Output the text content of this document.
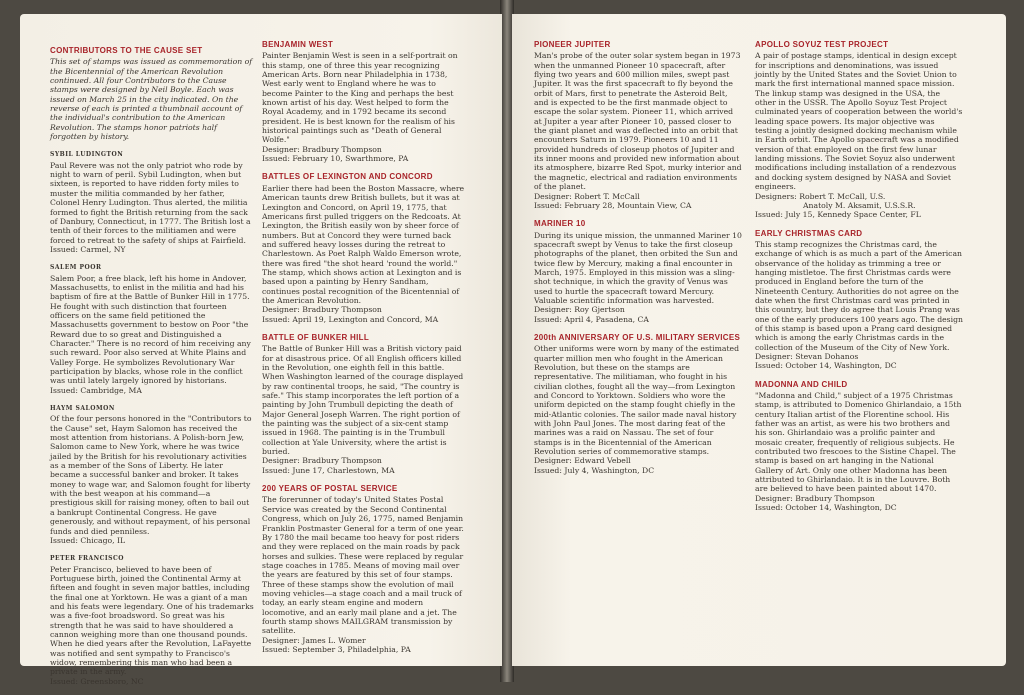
CONTRIBUTORS TO THE CAUSE SET

This set of stamps was issued as commemoration of the Bicentennial of the American Revolution continued. All four Contributors to the Cause stamps were designed by Neil Boyle. Each was issued on March 25 in the city indicated. On the reverse of each is printed a thumbnail account of the individual's contribution to the American Revolution. The stamps honor patriots half forgotten by history.

SYBIL LUDINGTON

Paul Revere was not the only patriot who rode by night to warn of peril. Sybil Ludington, when but sixteen, is reported to have ridden forty miles to muster the militia commanded by her father, Colonel Henry Ludington. Thus alerted, the militia formed to fight the British returning from the sack of Danbury, Connecticut, in 1777. The British lost a tenth of their forces to the militiamen and were forced to retreat to the safety of ships at Fairfield.

Issued: Carmel, NY
SALEM POOR

Salem Poor, a free black, left his home in Andover, Massachusetts, to enlist in the militia and had his baptism of fire at the Battle of Bunker Hill in 1775. He fought with such distinction that fourteen officers on the same field petitioned the Massachusetts government to bestow on Poor "the Reward due to so great and Distinguished a Character." There is no record of him receiving any such reward. Poor also served at White Plains and Valley Forge. He symbolizes Revolutionary War participation by blacks, whose role in the conflict was until lately largely ignored by historians.

Issued: Cambridge, MA
HAYM SALOMON

Of the four persons honored in the "Contributors to the Cause" set, Haym Salomon has received the most attention from historians. A Polish-born Jew, Salomon came to New York, where he was twice jailed by the British for his revolutionary activities as a member of the Sons of Liberty. He later became a successful banker and broker. It takes money to wage war, and Salomon fought for liberty with the best weapon at his command—a prestigious skill for raising money, often to bail out a bankrupt Continental Congress. He gave generously, and without repayment, of his personal funds and died penniless.

Issued: Chicago, IL
PETER FRANCISCO

Peter Francisco, believed to have been of Portuguese birth, joined the Continental Army at fifteen and fought in seven major battles, including the final one at Yorktown. He was a giant of a man and his feats were legendary. One of his trademarks was a five-foot broadsword. So great was his strength that he was said to have shouldered a cannon weighing more than one thousand pounds. When he died years after the Revolution, LaFayette was notified and sent sympathy to Francisco's widow, remembering this man who had been a private in the army.

Issued: Greensboro, NC
BENJAMIN WEST

Painter Benjamin West is seen in a self-portrait on this stamp, one of three this year recognizing American Arts. Born near Philadelphia in 1738, West early went to England where he was to become Painter to the King and perhaps the best known artist of his day. West helped to form the Royal Academy, and in 1792 became its second president. He is best known for the realism of his historical paintings such as "Death of General Wolfe."

Designer: Bradbury Thompson
Issued: February 10, Swarthmore, PA
BATTLES OF LEXINGTON AND CONCORD

Earlier there had been the Boston Massacre, where American taunts drew British bullets, but it was at Lexington and Concord, on April 19, 1775, that Americans first pulled triggers on the Redcoats. At Lexington, the British easily won by sheer force of numbers. But at Concord they were turned back and suffered heavy losses during the retreat to Charlestown. As Poet Ralph Waldo Emerson wrote, there was fired "the shot heard 'round the world." The stamp, which shows action at Lexington and is based upon a painting by Henry Sandham, continues postal recognition of the Bicentennial of the American Revolution.

Designer: Bradbury Thompson
Issued: April 19, Lexington and Concord, MA
BATTLE OF BUNKER HILL

The Battle of Bunker Hill was a British victory paid for at disastrous price. Of all English officers killed in the Revolution, one eighth fell in this battle. When Washington learned of the courage displayed by raw continental troops, he said, "The country is safe." This stamp incorporates the left portion of a painting by John Trumbull depicting the death of Major General Joseph Warren. The right portion of the painting was the subject of a six-cent stamp issued in 1968. The painting is in the Trumbull collection at Yale University, where the artist is buried.

Designer: Bradbury Thompson
Issued: June 17, Charlestown, MA
200 YEARS OF POSTAL SERVICE

The forerunner of today's United States Postal Service was created by the Second Continental Congress, which on July 26, 1775, named Benjamin Franklin Postmaster General for a term of one year. By 1780 the mail became too heavy for post riders and they were replaced on the main roads by pack horses and sulkies. These were replaced by regular stage coaches in 1785. Means of moving mail over the years are featured by this set of four stamps. Three of these stamps show the evolution of mail moving vehicles—a stage coach and a mail truck of today, an early steam engine and modern locomotive, and an early mail plane and a jet. The fourth stamp shows MAILGRAM transmission by satellite.

Designer: James L. Womer
Issued: September 3, Philadelphia, PA
PIONEER JUPITER

Man's probe of the outer solar system began in 1973 when the unmanned Pioneer 10 spacecraft, after flying two years and 600 million miles, swept past Jupiter. It was the first spacecraft to fly beyond the orbit of Mars, first to penetrate the Asteroid Belt, and is expected to be the first manmade object to escape the solar system. Pioneer 11, which arrived at Jupiter a year after Pioneer 10, passed closer to the giant planet and was deflected into an orbit that encounters Saturn in 1979. Pioneers 10 and 11 provided hundreds of closeup photos of Jupiter and its inner moons and provided new information about its atmosphere, bizarre Red Spot, murky interior and the magnetic, electrical and radiation environments of the planet.

Designer: Robert T. McCall
Issued: February 28, Mountain View, CA
MARINER 10

During its unique mission, the unmanned Mariner 10 spacecraft swept by Venus to take the first closeup photographs of the planet, then orbited the Sun and twice flew by Mercury, making a final encounter in March, 1975. Employed in this mission was a sling-shot technique, in which the gravity of Venus was used to hurtle the spacecraft toward Mercury. Valuable scientific information was harvested.

Designer: Roy Gjertson
Issued: April 4, Pasadena, CA
200th ANNIVERSARY OF U.S. MILITARY SERVICES

Other uniforms were worn by many of the estimated quarter million men who fought in the American Revolution, but these on the stamps are representative. The militiaman, who fought in his civilian clothes, fought all the way—from Lexington and Concord to Yorktown. Soldiers who wore the uniform depicted on the stamp fought chiefly in the mid-Atlantic colonies. The sailor made naval history with John Paul Jones. The most daring feat of the marines was a raid on Nassau. The set of four stamps is in the Bicentennial of the American Revolution series of commemorative stamps.

Designer: Edward Vebell
Issued: July 4, Washington, DC
APOLLO SOYUZ TEST PROJECT

A pair of postage stamps, identical in design except for inscriptions and denominations, was issued jointly by the United States and the Soviet Union to mark the first international manned space mission. The linkup stamp was designed in the USA, the other in the USSR. The Apollo Soyuz Test Project culminated years of cooperation between the world's leading space powers. Its major objective was testing a jointly designed docking mechanism while in Earth orbit. The Apollo spacecraft was a modified version of that employed on the first few lunar landing missions. The Soviet Soyuz also underwent modifications including installation of a rendezvous and docking system designed by NASA and Soviet engineers.

Designers: Robert T. McCall, U.S.
Anatoly M. Aksamit, U.S.S.R.
Issued: July 15, Kennedy Space Center, FL
EARLY CHRISTMAS CARD

This stamp recognizes the Christmas card, the exchange of which is as much a part of the American observance of the holiday as trimming a tree or hanging mistletoe. The first Christmas cards were produced in England before the turn of the Nineteenth Century. Authorities do not agree on the date when the first Christmas card was printed in this country, but they do agree that Louis Prang was one of the early producers 100 years ago. The design of this stamp is based upon a Prang card designed which is among the early Christmas cards in the collection of the Museum of the City of New York.

Designer: Stevan Dohanos
Issued: October 14, Washington, DC
MADONNA AND CHILD

"Madonna and Child," subject of a 1975 Christmas stamp, is attributed to Domenico Ghirlandaio, a 15th century Italian artist of the Florentine school. His father was an artist, as were his two brothers and his son. Ghirlandaio was a prolific painter and mosaic creater, frequently of religious subjects. He contributed two frescoes to the Sistine Chapel. The stamp is based on art hanging in the National Gallery of Art. Only one other Madonna has been attributed to Ghirlandaio. It is in the Louvre. Both are believed to have been painted about 1470.

Designer: Bradbury Thompson
Issued: October 14, Washington, DC
